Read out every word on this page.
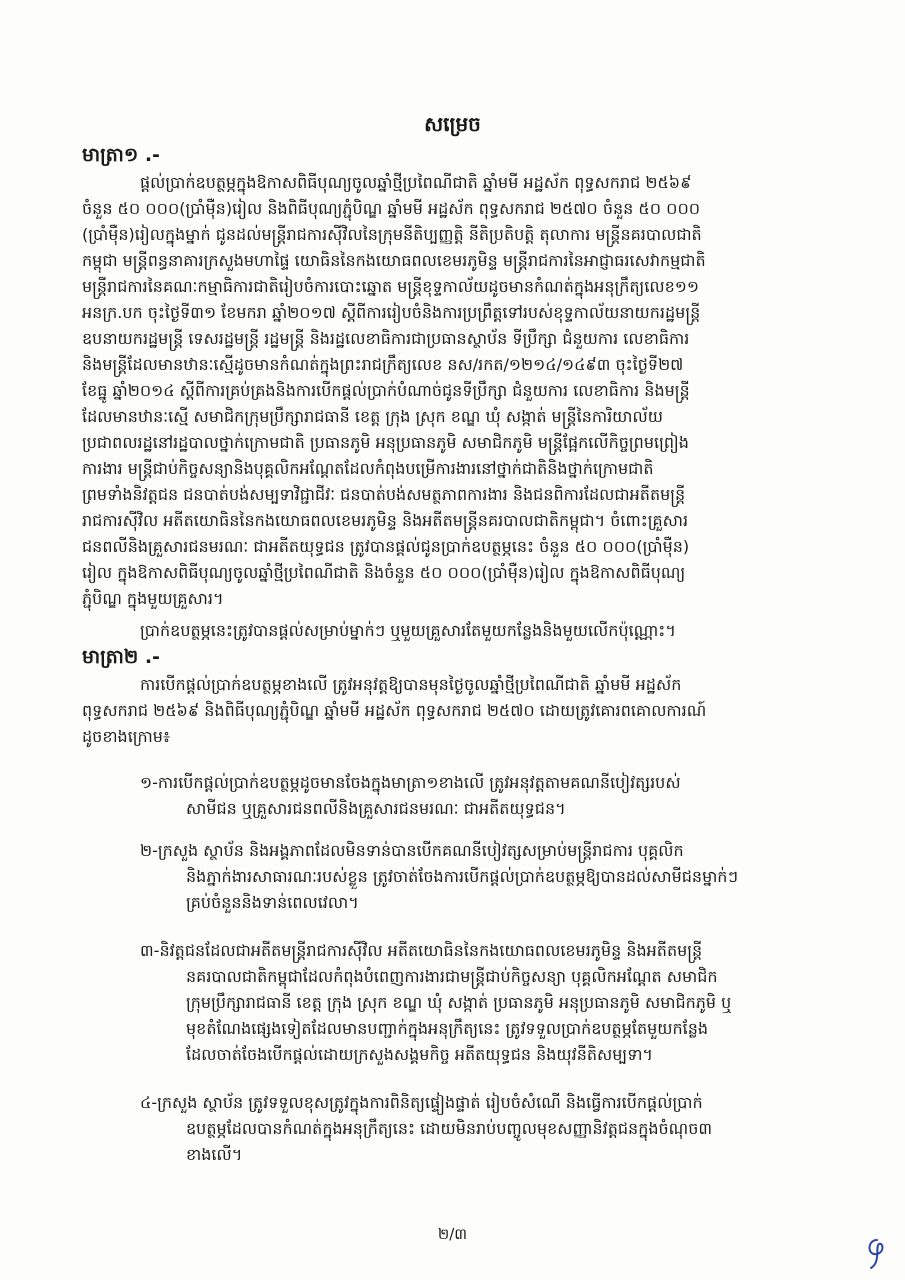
សម្រេច
មាត្រា១ .-

ផ្តល់ប្រាក់ឧបត្ថម្ភក្នុងឱកាសពិធីបុណ្យចូលឆ្នាំថ្មីប្រពៃណីជាតិ ឆ្នាំមមី អដ្ឋស័ក ពុទ្ធសករាជ ២៥៦៩

ចំនួន ៥០ ០០០(ប្រាំម៉ឺន)រៀល និងពិធីបុណ្យភ្ជុំបិណ្ឌ ឆ្នាំមមី អដ្ឋស័ក ពុទ្ធសករាជ ២៥៧០ ចំនួន ៥០ ០០០

(ប្រាំម៉ឺន)រៀលក្នុងម្នាក់ ជូនដល់មន្ត្រីរាជការស៊ីវិលនៃក្រុមនីតិប្បញ្ញត្តិ នីតិប្រតិបត្តិ តុលាការ មន្ត្រីនគរបាលជាតិ

កម្ពុជា មន្ត្រីពន្ធនាគារក្រសួងមហាផ្ទៃ យោធិននៃកងយោធពលខេមរភូមិន្ទ មន្ត្រីរាជការនៃអាជ្ញាធរសេវាកម្មជាតិ

មន្ត្រីរាជការនៃគណៈកម្មាធិការជាតិរៀបចំការបោះឆ្នោត មន្ត្រីខុទ្ទកាល័យដូចមានកំណត់ក្នុងអនុក្រឹត្យលេខ១១

អនក្រ.បក ចុះថ្ងៃទី៣១ ខែមករា ឆ្នាំ២០១៧ ស្តីពីការរៀបចំនិងការប្រព្រឹត្តទៅរបស់ខុទ្ទកាល័យនាយករដ្ឋមន្ត្រី

ឧបនាយករដ្ឋមន្ត្រី ទេសរដ្ឋមន្ត្រី រដ្ឋមន្ត្រី និងរដ្ឋលេខាធិការជាប្រធានស្ថាប័ន ទីប្រឹក្សា ជំនួយការ លេខាធិការ

និងមន្ត្រីដែលមានឋានៈស្មើដូចមានកំណត់ក្នុងព្រះរាជក្រឹត្យលេខ នស/រកត/១២១៤/១៤៩៣ ចុះថ្ងៃទី២៧

ខែធ្នូ ឆ្នាំ២០១៤ ស្តីពីការគ្រប់គ្រងនិងការបើកផ្តល់ប្រាក់បំណាច់ជូនទីប្រឹក្សា ជំនួយការ លេខាធិការ និងមន្ត្រី

ដែលមានឋានៈស្មើ សមាជិកក្រុមប្រឹក្សារាជធានី ខេត្ត ក្រុង ស្រុក ខណ្ឌ ឃុំ សង្កាត់ មន្ត្រីនៃការិយាល័យ

ប្រជាពលរដ្ឋនៅរដ្ឋបាលថ្នាក់ក្រោមជាតិ ប្រធានភូមិ អនុប្រធានភូមិ សមាជិកភូមិ មន្ត្រីផ្អែកលើកិច្ចព្រមព្រៀង

ការងារ មន្ត្រីជាប់កិច្ចសន្យានិងបុគ្គលិកអណ្តែតដែលកំពុងបម្រើការងារនៅថ្នាក់ជាតិនិងថ្នាក់ក្រោមជាតិ

ព្រមទាំងនិវត្តជន ជនបាត់បង់សម្បទាវិជ្ជាជីវៈ ជនបាត់បង់សមត្ថភាពការងារ និងជនពិការដែលជាអតីតមន្ត្រី

រាជការស៊ីវិល អតីតយោធិននៃកងយោធពលខេមរភូមិន្ទ និងអតីតមន្ត្រីនគរបាលជាតិកម្ពុជា។ ចំពោះគ្រួសារ

ជនពលីនិងគ្រួសារជនមរណៈ ជាអតីតយុទ្ធជន ត្រូវបានផ្តល់ជូនប្រាក់ឧបត្ថម្ភនេះ ចំនួន ៥០ ០០០(ប្រាំម៉ឺន)

រៀល ក្នុងឱកាសពិធីបុណ្យចូលឆ្នាំថ្មីប្រពៃណីជាតិ និងចំនួន ៥០ ០០០(ប្រាំម៉ឺន)រៀល ក្នុងឱកាសពិធីបុណ្យ

ភ្ជុំបិណ្ឌ ក្នុងមួយគ្រួសារ។

ប្រាក់ឧបត្ថម្ភនេះត្រូវបានផ្តល់សម្រាប់ម្នាក់ៗ ឬមួយគ្រួសារតែមួយកន្លែងនិងមួយលើកប៉ុណ្ណោះ។

មាត្រា២ .-

ការបើកផ្តល់ប្រាក់ឧបត្ថម្ភខាងលើ ត្រូវអនុវត្តឱ្យបានមុនថ្ងៃចូលឆ្នាំថ្មីប្រពៃណីជាតិ ឆ្នាំមមី អដ្ឋស័ក

ពុទ្ធសករាជ ២៥៦៩ និងពិធីបុណ្យភ្ជុំបិណ្ឌ ឆ្នាំមមី អដ្ឋស័ក ពុទ្ធសករាជ ២៥៧០ ដោយត្រូវគោរពគោលការណ៍

ដូចខាងក្រោម៖

១-ការបើកផ្តល់ប្រាក់ឧបត្ថម្ភដូចមានចែងក្នុងមាត្រា១ខាងលើ ត្រូវអនុវត្តតាមគណនីបៀវត្សរបស់

សាមីជន ឬគ្រួសារជនពលីនិងគ្រួសារជនមរណៈ ជាអតីតយុទ្ធជន។

២-ក្រសួង ស្ថាប័ន និងអង្គភាពដែលមិនទាន់បានបើកគណនីបៀវត្សសម្រាប់មន្ត្រីរាជការ បុគ្គលិក

និងភ្នាក់ងារសាធារណៈរបស់ខ្លួន ត្រូវចាត់ចែងការបើកផ្តល់ប្រាក់ឧបត្ថម្ភឱ្យបានដល់សាមីជនម្នាក់ៗ

គ្រប់ចំនួននិងទាន់ពេលវេលា។

៣-និវត្តជនដែលជាអតីតមន្ត្រីរាជការស៊ីវិល អតីតយោធិននៃកងយោធពលខេមរភូមិន្ទ និងអតីតមន្ត្រី

នគរបាលជាតិកម្ពុជាដែលកំពុងបំពេញការងារជាមន្ត្រីជាប់កិច្ចសន្យា បុគ្គលិកអណ្តែត សមាជិក

ក្រុមប្រឹក្សារាជធានី ខេត្ត ក្រុង ស្រុក ខណ្ឌ ឃុំ សង្កាត់ ប្រធានភូមិ អនុប្រធានភូមិ សមាជិកភូមិ ឬ

មុខតំណែងផ្សេងទៀតដែលមានបញ្ជាក់ក្នុងអនុក្រឹត្យនេះ ត្រូវទទួលប្រាក់ឧបត្ថម្ភតែមួយកន្លែង

ដែលចាត់ចែងបើកផ្តល់ដោយក្រសួងសង្គមកិច្ច អតីតយុទ្ធជន និងយុវនីតិសម្បទា។

៤-ក្រសួង ស្ថាប័ន ត្រូវទទួលខុសត្រូវក្នុងការពិនិត្យផ្ទៀងផ្ទាត់ រៀបចំសំណើ និងធ្វើការបើកផ្តល់ប្រាក់

ឧបត្ថម្ភដែលបានកំណត់ក្នុងអនុក្រឹត្យនេះ ដោយមិនរាប់បញ្ចូលមុខសញ្ញានិវត្តជនក្នុងចំណុច៣

ខាងលើ។

២/៣
